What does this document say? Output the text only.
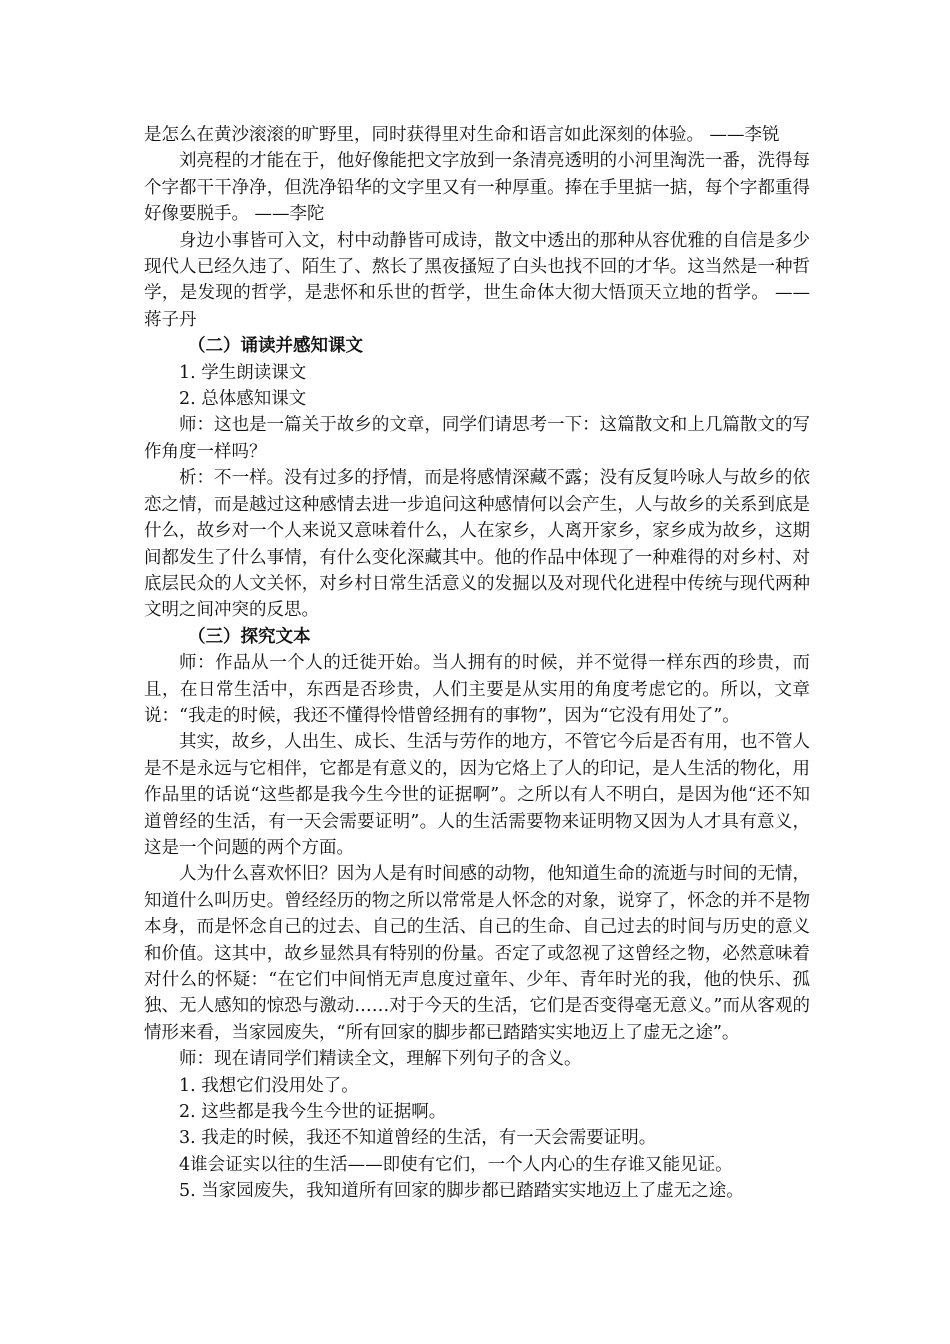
是怎么在黄沙滚滚的旷野里，同时获得里对生命和语言如此深刻的体验。 ——李锐

刘亮程的才能在于，他好像能把文字放到一条清亮透明的小河里淘洗一番，洗得每个字都干干净净，但洗净铅华的文字里又有一种厚重。捧在手里掂一掂，每个字都重得好像要脱手。 ——李陀

身边小事皆可入文，村中动静皆可成诗，散文中透出的那种从容优雅的自信是多少现代人已经久违了、陌生了、熬长了黑夜搔短了白头也找不回的才华。这当然是一种哲学，是发现的哲学，是悲怀和乐世的哲学，世生命体大彻大悟顶天立地的哲学。 ——蒋子丹

（二）诵读并感知课文

1. 学生朗读课文

2. 总体感知课文

师：这也是一篇关于故乡的文章，同学们请思考一下：这篇散文和上几篇散文的写作角度一样吗？

析：不一样。没有过多的抒情，而是将感情深藏不露；没有反复吟咏人与故乡的依恋之情，而是越过这种感情去进一步追问这种感情何以会产生，人与故乡的关系到底是什么，故乡对一个人来说又意味着什么，人在家乡，人离开家乡，家乡成为故乡，这期间都发生了什么事情，有什么变化深藏其中。他的作品中体现了一种难得的对乡村、对底层民众的人文关怀，对乡村日常生活意义的发掘以及对现代化进程中传统与现代两种文明之间冲突的反思。

（三）探究文本

师：作品从一个人的迁徙开始。当人拥有的时候，并不觉得一样东西的珍贵，而且，在日常生活中，东西是否珍贵，人们主要是从实用的角度考虑它的。所以，文章说：“我走的时候，我还不懂得怜惜曾经拥有的事物”，因为“它没有用处了”。

其实，故乡，人出生、成长、生活与劳作的地方，不管它今后是否有用，也不管人是不是永远与它相伴，它都是有意义的，因为它烙上了人的印记，是人生活的物化，用作品里的话说“这些都是我今生今世的证据啊”。之所以有人不明白，是因为他“还不知道曾经的生活，有一天会需要证明”。人的生活需要物来证明物又因为人才具有意义，这是一个问题的两个方面。

人为什么喜欢怀旧？因为人是有时间感的动物，他知道生命的流逝与时间的无情，知道什么叫历史。曾经经历的物之所以常常是人怀念的对象，说穿了，怀念的并不是物本身，而是怀念自己的过去、自己的生活、自己的生命、自己过去的时间与历史的意义和价值。这其中，故乡显然具有特别的份量。否定了或忽视了这曾经之物，必然意味着对什么的怀疑：“在它们中间悄无声息度过童年、少年、青年时光的我，他的快乐、孤独、无人感知的惊恐与激动……对于今天的生活，它们是否变得毫无意义。”而从客观的情形来看，当家园废失，“所有回家的脚步都已踏踏实实地迈上了虚无之途”。

师：现在请同学们精读全文，理解下列句子的含义。

1. 我想它们没用处了。

2. 这些都是我今生今世的证据啊。

3. 我走的时候，我还不知道曾经的生活，有一天会需要证明。

4谁会证实以往的生活——即使有它们，一个人内心的生存谁又能见证。

5. 当家园废失，我知道所有回家的脚步都已踏踏实实地迈上了虚无之途。
